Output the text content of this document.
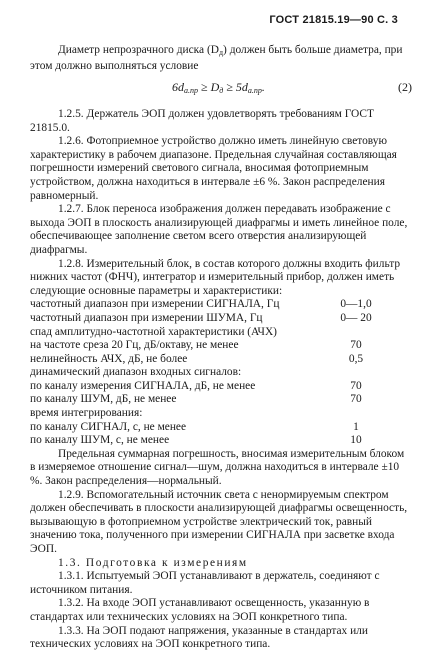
ГОСТ 21815.19—90 С. 3

Диаметр непрозрачного диска $(D_д)$ должен быть больше диаметра, при этом должно выполняться условие

$6d_{а.пр} \ge D_д \ge 5d_{а.пр}$.	(2)

1.2.5. Держатель ЭОП должен удовлетворять требованиям ГОСТ 21815.0.

1.2.6. Фотоприемное устройство должно иметь линейную световую характеристику в рабочем диапазоне. Предельная случайная составляющая погрешности измерений светового сигнала, вносимая фотоприемным устройством, должна находиться в интервале ±6 %. Закон распределения равномерный.

1.2.7. Блок переноса изображения должен передавать изображение с выхода ЭОП в плоскость анализирующей диафрагмы и иметь линейное поле, обеспечивающее заполнение светом всего отверстия анализирующей диафрагмы.

1.2.8. Измерительный блок, в состав которого должны входить фильтр нижних частот (ФНЧ), интегратор и измерительный прибор, должен иметь следующие основные параметры и характеристики:

частотный диапазон при измерении СИГНАЛА, Гц	0—1,0
частотный диапазон при измерении ШУМА, Гц	0— 20
спад амплитудно-частотной характеристики (АЧХ)
на частоте среза 20 Гц, дБ/октаву, не менее	70
нелинейность АЧХ, дБ, не более	0,5
динамический диапазон входных сигналов:
по каналу измерения СИГНАЛА, дБ, не менее	70
по каналу ШУМ, дБ, не менее	70
время интегрирования:
по каналу СИГНАЛ, с, не менее	1
по каналу ШУМ, с, не менее	10

Предельная суммарная погрешность, вносимая измерительным блоком в измеряемое отношение сигнал—шум, должна находиться в интервале ±10 %. Закон распределения—нормальный.

1.2.9. Вспомогательный источник света с ненормируемым спектром должен обеспечивать в плоскости анализирующей диафрагмы освещенность, вызывающую в фотоприемном устройстве электрический ток, равный значению тока, полученного при измерении СИГНАЛА при засветке входа ЭОП.

1.3. Подготовка к измерениям

1.3.1. Испытуемый ЭОП устанавливают в держатель, соединяют с источником питания.

1.3.2. На входе ЭОП устанавливают освещенность, указанную в стандартах или технических условиях на ЭОП конкретного типа.

1.3.3. На ЭОП подают напряжения, указанные в стандартах или технических условиях на ЭОП конкретного типа.
